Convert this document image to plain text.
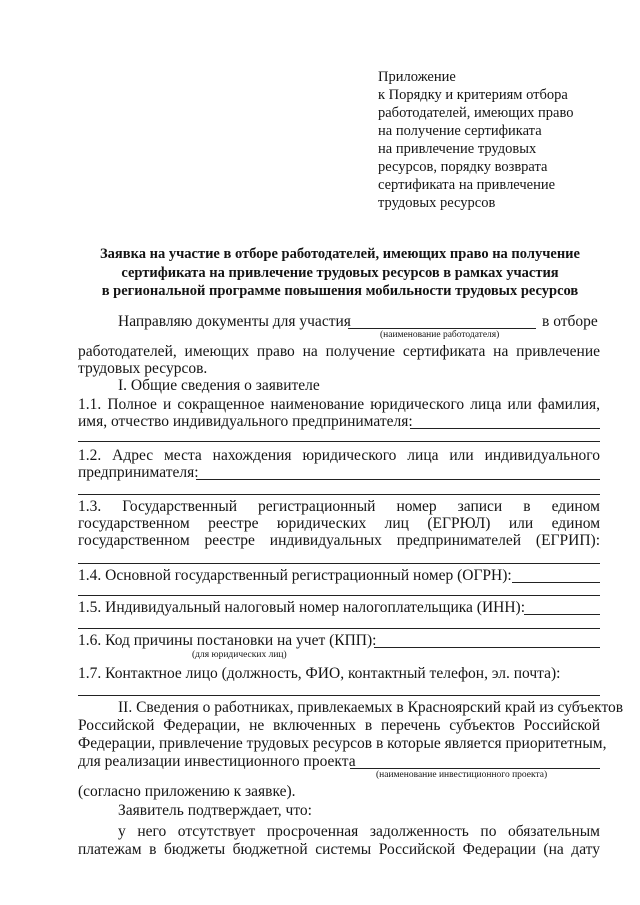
Приложение
к Порядку и критериям отбора
работодателей, имеющих право
на получение сертификата
на привлечение трудовых
ресурсов, порядку возврата
сертификата на привлечение
трудовых ресурсов
Заявка на участие в отборе работодателей, имеющих право на получение
сертификата на привлечение трудовых ресурсов в рамках участия
в региональной программе повышения мобильности трудовых ресурсов
Направляю документы для участия	в отборе
(наименование работодателя)
работодателей, имеющих право на получение сертификата на привлечение
трудовых ресурсов.
I. Общие сведения о заявителе
1.1. Полное и сокращенное наименование юридического лица или фамилия,
имя, отчество индивидуального предпринимателя:
1.2. Адрес места нахождения юридического лица или индивидуального
предпринимателя:
1.3. Государственный регистрационный номер записи в едином
государственном реестре юридических лиц (ЕГРЮЛ) или едином
государственном реестре индивидуальных предпринимателей (ЕГРИП):
1.4. Основной государственный регистрационный номер (ОГРН):
1.5. Индивидуальный налоговый номер налогоплательщика (ИНН):
1.6. Код причины постановки на учет (КПП):
(для юридических лиц)
1.7. Контактное лицо (должность, ФИО, контактный телефон, эл. почта):
II. Сведения о работниках, привлекаемых в Красноярский край из субъектов
Российской Федерации, не включенных в перечень субъектов Российской
Федерации, привлечение трудовых ресурсов в которые является приоритетным,
для реализации инвестиционного проекта
(наименование инвестиционного проекта)
(согласно приложению к заявке).
Заявитель подтверждает, что:
у него отсутствует просроченная задолженность по обязательным
платежам в бюджеты бюджетной системы Российской Федерации (на дату
